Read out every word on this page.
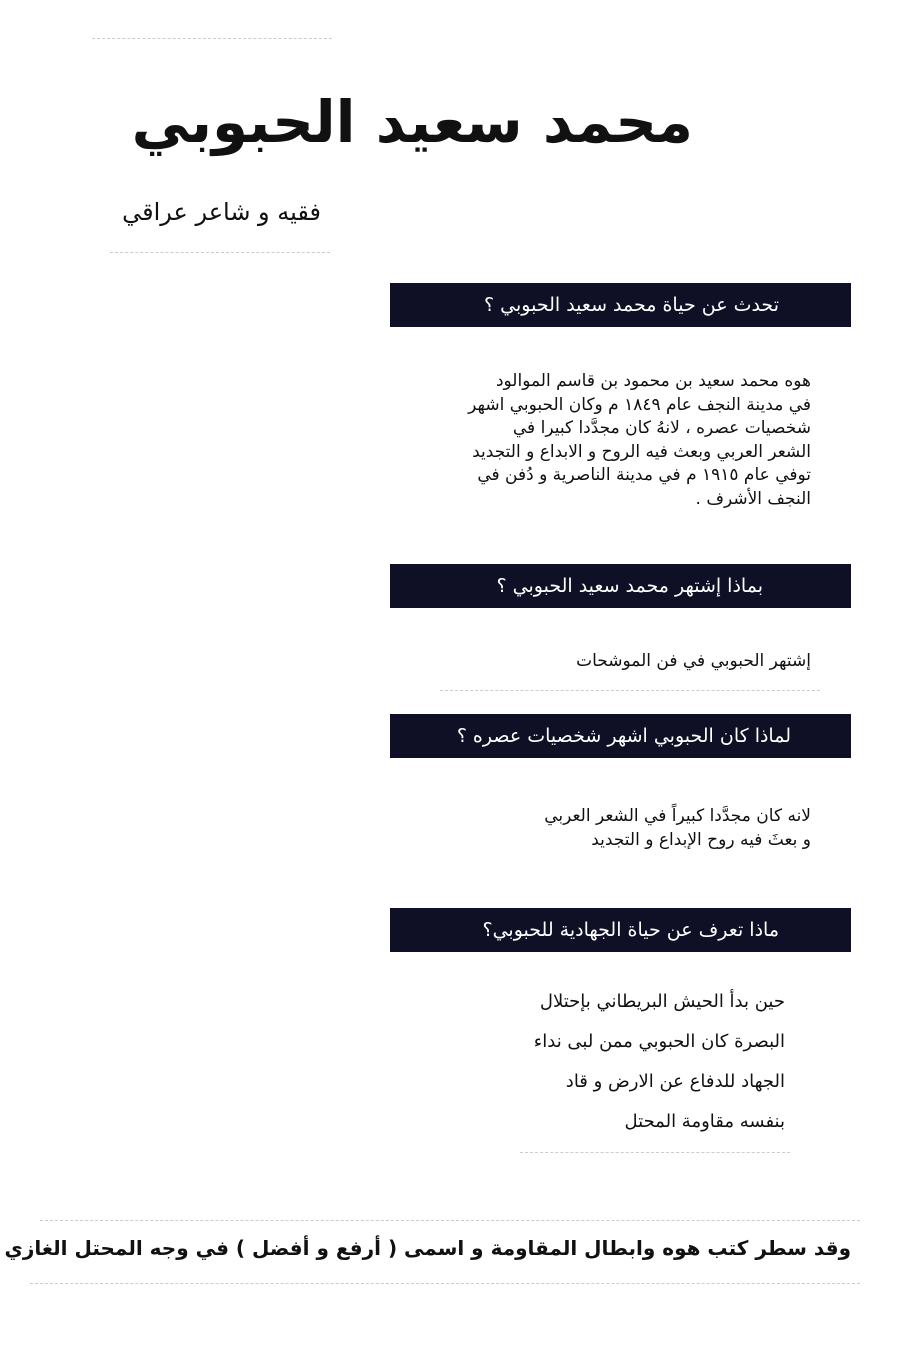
محمد سعيد الحبوبي
فقيه و شاعر عراقي
تحدث عن حياة محمد سعيد الحبوبي ؟
هوه محمد سعيد بن محمود بن قاسم الموالود
في مدينة النجف عام ١٨٤٩ م وكان الحبوبي اشهر
شخصيات عصره ، لانهُ كان مجدَّدا كبيرا في
الشعر العربي وبعث فيه الروح و الابداع و التجديد
توفي عام ١٩١٥ م في مدينة الناصرية و دُفن في
النجف الأشرف .
بماذا إشتهر محمد سعيد الحبوبي ؟
إشتهر الحبوبي في فن الموشحات
لماذا كان الحبوبي اشهر شخصيات عصره ؟
لانه كان مجدَّدا كبيراً في الشعر العربي
و بعثَ فيه روح الإبداع و التجديد
ماذا تعرف عن حياة الجهادية للحبوبي؟
حين بدأ الحيش البريطاني بإحتلال
البصرة كان الحبوبي ممن لبى نداء
الجهاد للدفاع عن الارض و قاد
بنفسه مقاومة المحتل
وقد سطر كتب هوه وابطال المقاومة و اسمى ( أرفع و أفضل ) في وجه المحتل الغازي
